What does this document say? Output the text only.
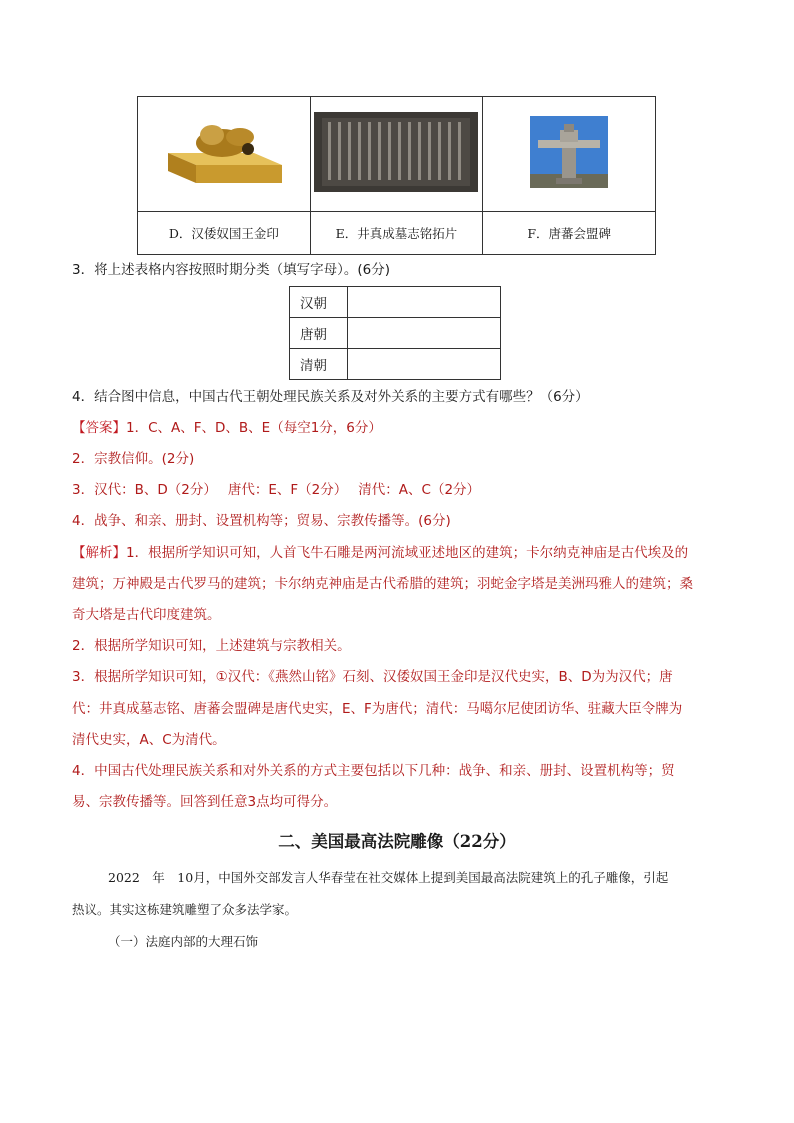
D．汉倭奴国王金印	E．井真成墓志铭拓片	F．唐蕃会盟碑
3．将上述表格内容按照时期分类（填写字母）。(6分)
汉朝	
唐朝	
清朝	
4．结合图中信息，中国古代王朝处理民族关系及对外关系的主要方式有哪些？（6分）
【答案】1．C、A、F、D、B、E（每空1分，6分）
2．宗教信仰。(2分)
3．汉代：B、D（2分）　 唐代：E、F（2分）　 清代：A、C（2分）
4．战争、和亲、册封、设置机构等；贸易、宗教传播等。(6分)
【解析】1．根据所学知识可知，人首飞牛石雕是两河流域亚述地区的建筑；卡尔纳克神庙是古代埃及的
建筑；万神殿是古代罗马的建筑；卡尔纳克神庙是古代希腊的建筑；羽蛇金字塔是美洲玛雅人的建筑；桑
奇大塔是古代印度建筑。
2．根据所学知识可知，上述建筑与宗教相关。
3．根据所学知识可知，①汉代：《燕然山铭》石刻、汉倭奴国王金印是汉代史实，B、D为为汉代；唐
代：井真成墓志铭、唐蕃会盟碑是唐代史实，E、F为唐代；清代：马噶尔尼使团访华、驻藏大臣令牌为
清代史实，A、C为清代。
4．中国古代处理民族关系和对外关系的方式主要包括以下几种：战争、和亲、册封、设置机构等；贸
易、宗教传播等。回答到任意3点均可得分。
二、美国最高法院雕像（22分）
2022　年　10月，中国外交部发言人华春莹在社交媒体上提到美国最高法院建筑上的孔子雕像，引起
热议。其实这栋建筑雕塑了众多法学家。
（一）法庭内部的大理石饰
